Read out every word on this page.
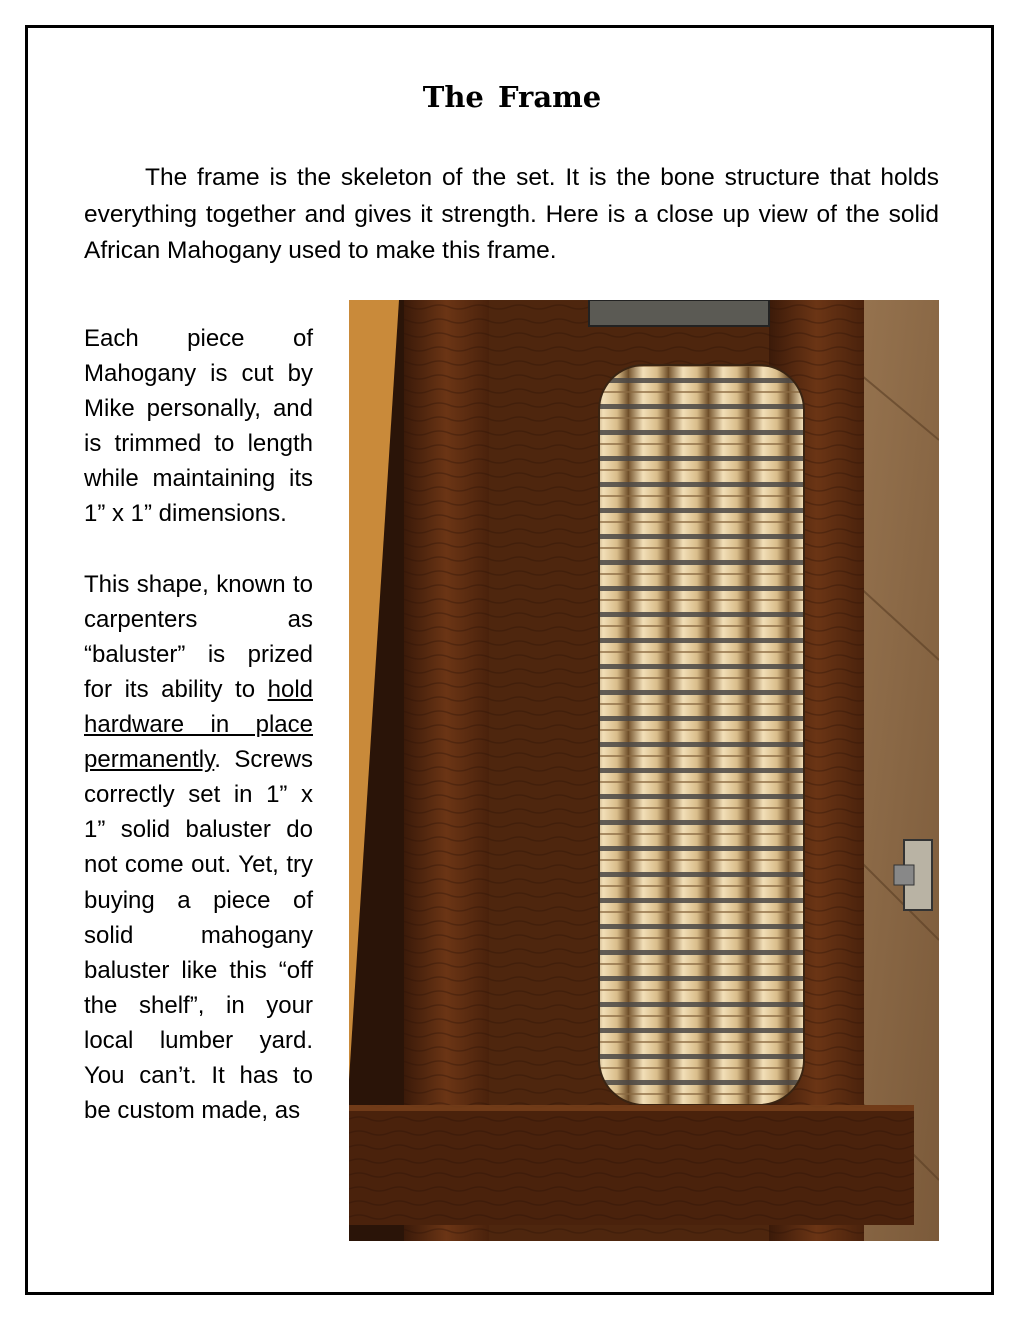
The Frame

The frame is the skeleton of the set. It is the bone structure that holds everything together and gives it strength. Here is a close up view of the solid African Mahogany used to make this frame.

Each piece of Mahogany is cut by Mike personally, and is trimmed to length while maintaining its 1” x 1” dimensions.

This shape, known to carpenters as “baluster” is prized for its ability to hold hardware in place permanently. Screws correctly set in 1” x 1” solid baluster do not come out. Yet, try buying a piece of solid mahogany baluster like this “off the shelf”, in your local lumber yard. You can’t. It has to be custom made, as
